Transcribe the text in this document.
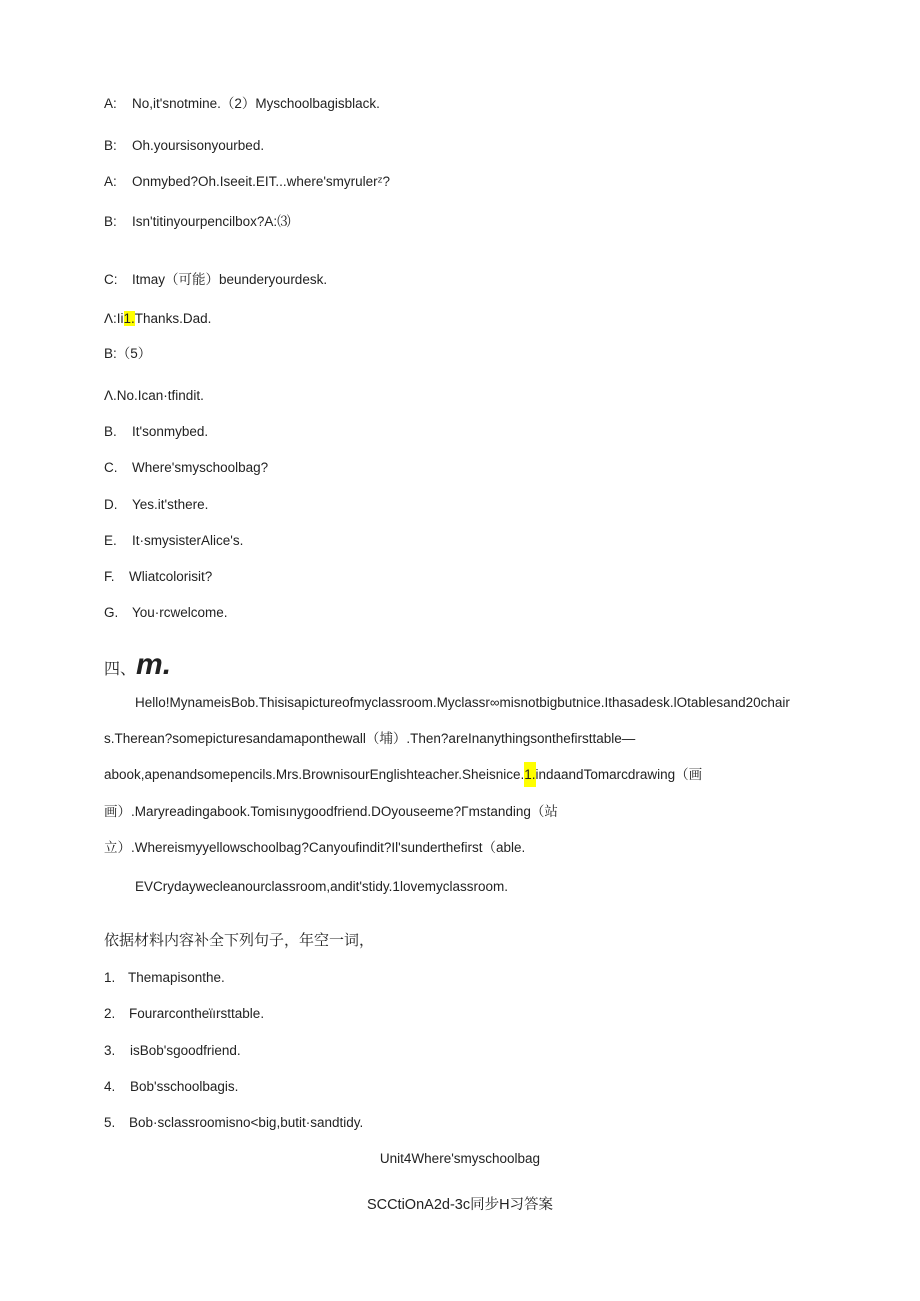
A: No,it'snotmine.（2）Myschoolbagisblack.
B: Oh.yoursisonyourbed.
A: Onmybed?Oh.Iseeit.EIT...where'smyrulerᶻ?
B: Isn'titinyourpencilbox?A:⑶
C: Itmay（可能）beunderyourdesk.
Λ:Ii1.Thanks.Dad.
B:（5）
Λ.No.Ican·tfindit.
B. It'sonmybed.
C. Where'smyschoolbag?
D. Yes.it'sthere.
E. It·smysisterAlice's.
F. Wliatcolorisit?
G. You·rcwelcome.
四、m.
Hello!MynameisBob.Thisisapictureofmyclassroom.Myclassr∞misnotbigbutnice.Ithasadesk.lOtablesand20chair
s.Therean?somepicturesandamaponthewall（埔）.Then?areInanythingsonthefirsttable—
abook,apenandsomepencils.Mrs.BrownisourEnglishteacher.Sheisnice.1.indaandTomarcdrawing（画
画）.Maryreadingabook.Tomisınygoodfriend.DOyouseeme?Γmstanding（站
立）.Whereismyyellowschoolbag?Canyoufindit?Il'sunderthefirst（able.
EVCrydaywecleanourclassroom,andit'stidy.1lovemyclassroom.
依据材料内容补全下列句子，年空一词，
1. Themapisonthe.
2. Fourarcontheϊırsttable.
3. isBob'sgoodfriend.
4. Bob'sschoolbagis.
5. Bob·sclassroomisno<big,butit·sandtidy.
Unit4Where'smyschoolbag
SCCtiOnA2d-3c同步H习答案
